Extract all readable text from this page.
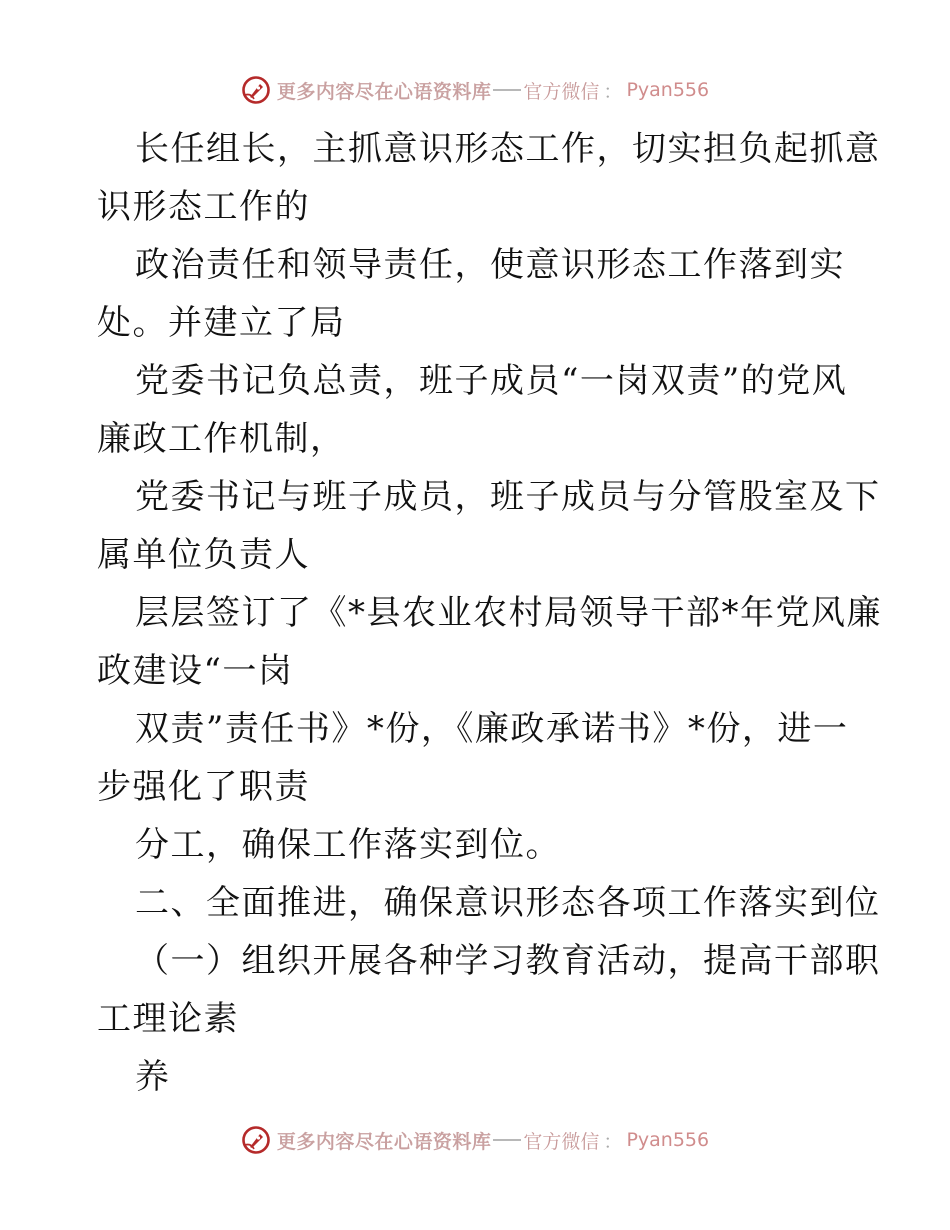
更多内容尽在心语资料库 官方微信 ： Pyan556
长任组长，主抓意识形态工作，切实担负起抓意
识形态工作的
政治责任和领导责任，使意识形态工作落到实
处。并建立了局
党委书记负总责，班子成员“一岗双责”的党风
廉政工作机制，
党委书记与班子成员，班子成员与分管股室及下
属单位负责人
层层签订了《*县农业农村局领导干部*年党风廉
政建设“一岗
双责”责任书》*份，《廉政承诺书》*份，进一
步强化了职责
分工，确保工作落实到位。
二、全面推进，确保意识形态各项工作落实到位
（一）组织开展各种学习教育活动，提高干部职
工理论素
养
更多内容尽在心语资料库 官方微信 ： Pyan556
